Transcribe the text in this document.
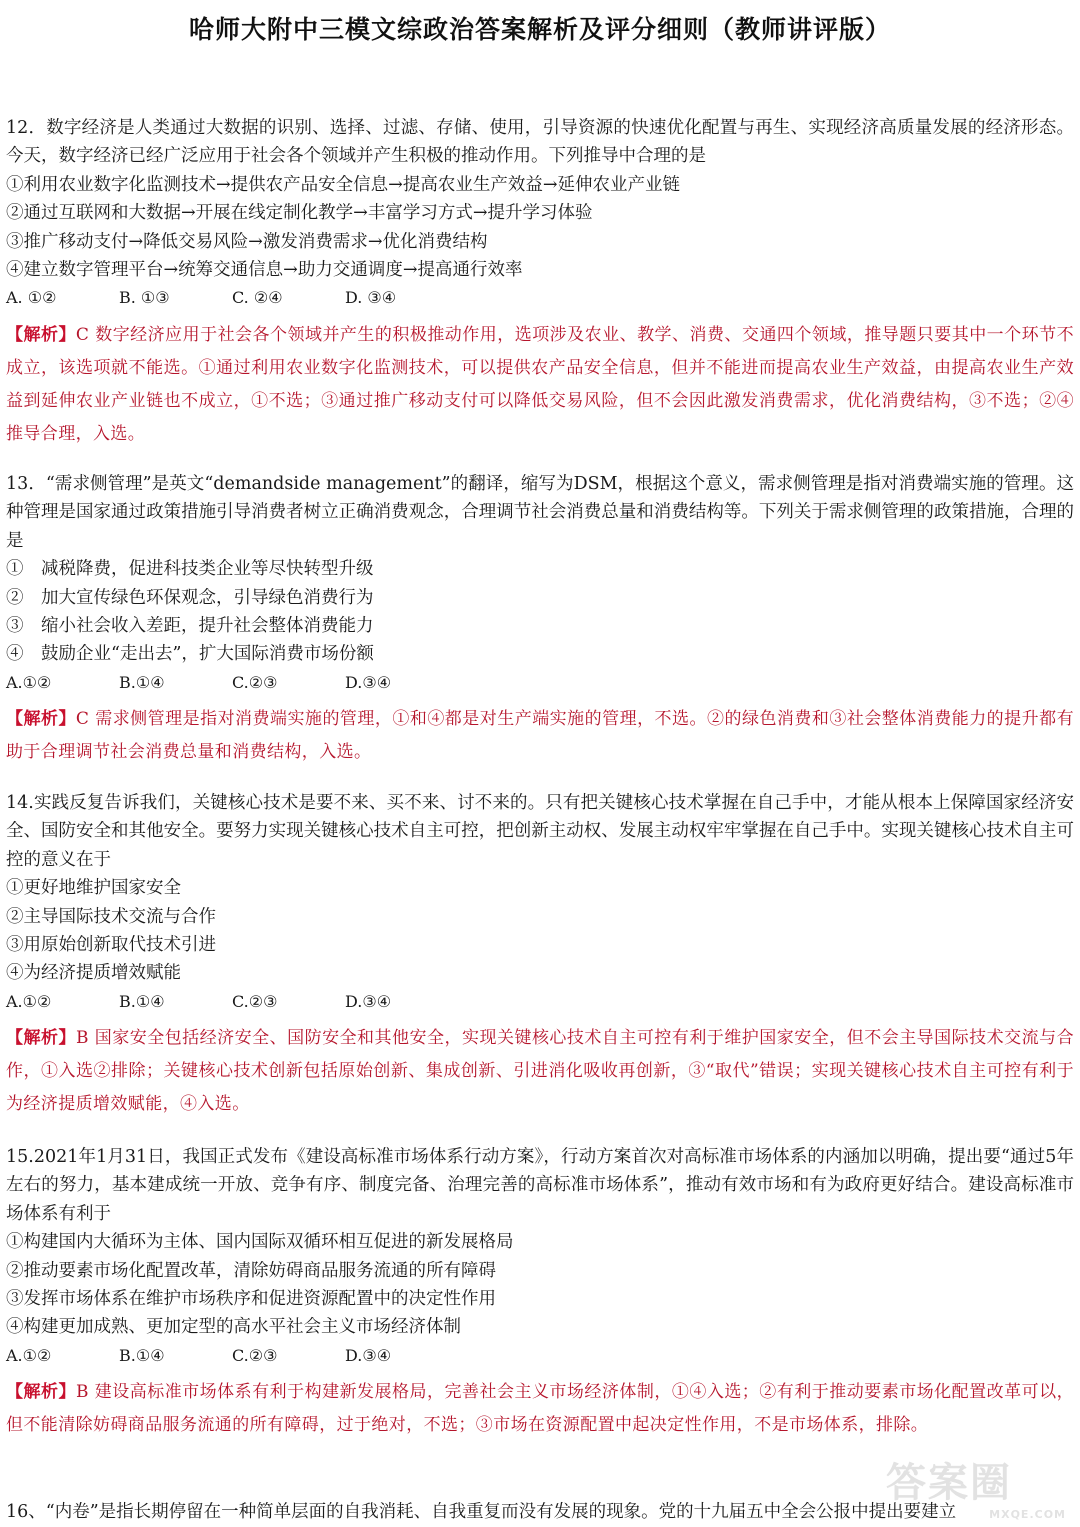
哈师大附中三模文综政治答案解析及评分细则（教师讲评版）

12．数字经济是人类通过大数据的识别、选择、过滤、存储、使用，引导资源的快速优化配置与再生、实现经济高质量发展的经济形态。今天，数字经济已经广泛应用于社会各个领域并产生积极的推动作用。下列推导中合理的是

①利用农业数字化监测技术→提供农产品安全信息→提高农业生产效益→延伸农业产业链
②通过互联网和大数据→开展在线定制化教学→丰富学习方式→提升学习体验
③推广移动支付→降低交易风险→激发消费需求→优化消费结构
④建立数字管理平台→统筹交通信息→助力交通调度→提高通行效率
A. ①②	B. ①③	C. ②④	D. ③④

【解析】C 数字经济应用于社会各个领域并产生的积极推动作用，选项涉及农业、教学、消费、交通四个领域，推导题只要其中一个环节不成立，该选项就不能选。①通过利用农业数字化监测技术，可以提供农产品安全信息，但并不能进而提高农业生产效益，由提高农业生产效益到延伸农业产业链也不成立，①不选；③通过推广移动支付可以降低交易风险，但不会因此激发消费需求，优化消费结构，③不选；②④推导合理，入选。

13．“需求侧管理”是英文“demandside management”的翻译，缩写为DSM，根据这个意义，需求侧管理是指对消费端实施的管理。这种管理是国家通过政策措施引导消费者树立正确消费观念，合理调节社会消费总量和消费结构等。下列关于需求侧管理的政策措施，合理的是

①　减税降费，促进科技类企业等尽快转型升级
②　加大宣传绿色环保观念，引导绿色消费行为
③　缩小社会收入差距，提升社会整体消费能力
④　鼓励企业“走出去”，扩大国际消费市场份额
A.①②	B.①④	C.②③	D.③④

【解析】C 需求侧管理是指对消费端实施的管理，①和④都是对生产端实施的管理，不选。②的绿色消费和③社会整体消费能力的提升都有助于合理调节社会消费总量和消费结构，入选。

14.实践反复告诉我们，关键核心技术是要不来、买不来、讨不来的。只有把关键核心技术掌握在自己手中，才能从根本上保障国家经济安全、国防安全和其他安全。要努力实现关键核心技术自主可控，把创新主动权、发展主动权牢牢掌握在自己手中。实现关键核心技术自主可控的意义在于

①更好地维护国家安全
②主导国际技术交流与合作
③用原始创新取代技术引进
④为经济提质增效赋能
A.①②	B.①④	C.②③	D.③④

【解析】B 国家安全包括经济安全、国防安全和其他安全，实现关键核心技术自主可控有利于维护国家安全，但不会主导国际技术交流与合作，①入选②排除；关键核心技术创新包括原始创新、集成创新、引进消化吸收再创新，③“取代”错误；实现关键核心技术自主可控有利于为经济提质增效赋能，④入选。

15.2021年1月31日，我国正式发布《建设高标准市场体系行动方案》，行动方案首次对高标准市场体系的内涵加以明确，提出要“通过5年左右的努力，基本建成统一开放、竞争有序、制度完备、治理完善的高标准市场体系”，推动有效市场和有为政府更好结合。建设高标准市场体系有利于

①构建国内大循环为主体、国内国际双循环相互促进的新发展格局
②推动要素市场化配置改革，清除妨碍商品服务流通的所有障碍
③发挥市场体系在维护市场秩序和促进资源配置中的决定性作用
④构建更加成熟、更加定型的高水平社会主义市场经济体制
A.①②	B.①④	C.②③	D.③④

【解析】B 建设高标准市场体系有利于构建新发展格局，完善社会主义市场经济体制，①④入选；②有利于推动要素市场化配置改革可以，但不能清除妨碍商品服务流通的所有障碍，过于绝对，不选；③市场在资源配置中起决定性作用，不是市场体系，排除。

16、“内卷”是指长期停留在一种简单层面的自我消耗、自我重复而没有发展的现象。党的十九届五中全会公报中提出要建立
答案圈
MXQE.COM
